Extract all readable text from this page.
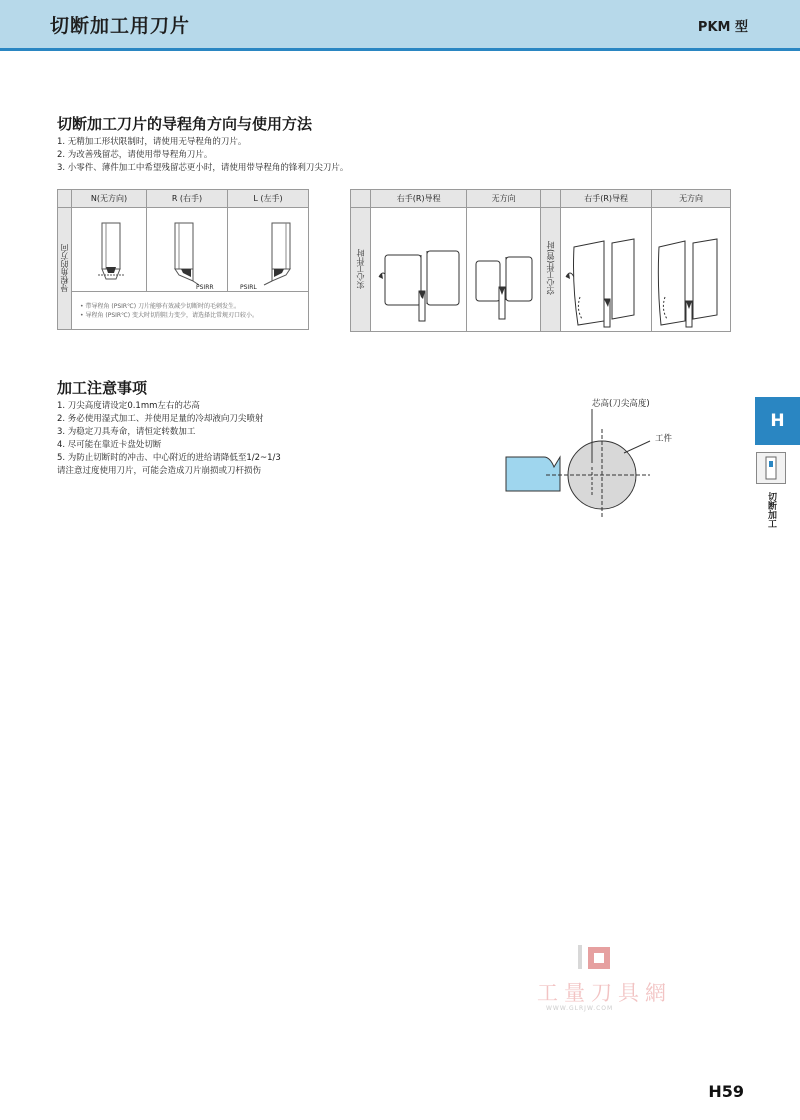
切断加工用刀片	PKM 型
切断加工刀片的导程角方向与使用方法
1. 无精加工形状限制时，请使用无导程角的刀片。
2. 为改善残留芯，请使用带导程角刀片。
3. 小零件、薄件加工中希望残留芯更小时，请使用带导程角的锋利刀尖刀片。
	N(无方向)	R (右手)	L (左手)
导程角的方向		PSIRR	PSIRL

	• 带导程角 (PSIR℃) 刀片能够有效减少切断时的毛刺发生。
• 导程角 (PSIR℃) 变大时切削阻力变少，请选择比常规刃口较小。		
	右手(R)导程	无方向		右手(R)导程	无方向
实心工件时			空心工件(管)时		
加工注意事项
1. 刀尖高度请设定0.1mm左右的芯高
2. 务必使用湿式加工、并使用足量的冷却液向刀尖喷射
3. 为稳定刀具寿命，请恒定转数加工
4. 尽可能在靠近卡盘处切断
5. 为防止切断时的冲击、中心附近的进给请降低至1/2~1/3
请注意过度使用刀片，可能会造成刀片崩损或刀杆损伤
芯高(刀尖高度)
工件
H
切断加工
工量刀具網
WWW.GLRJW.COM
H59
